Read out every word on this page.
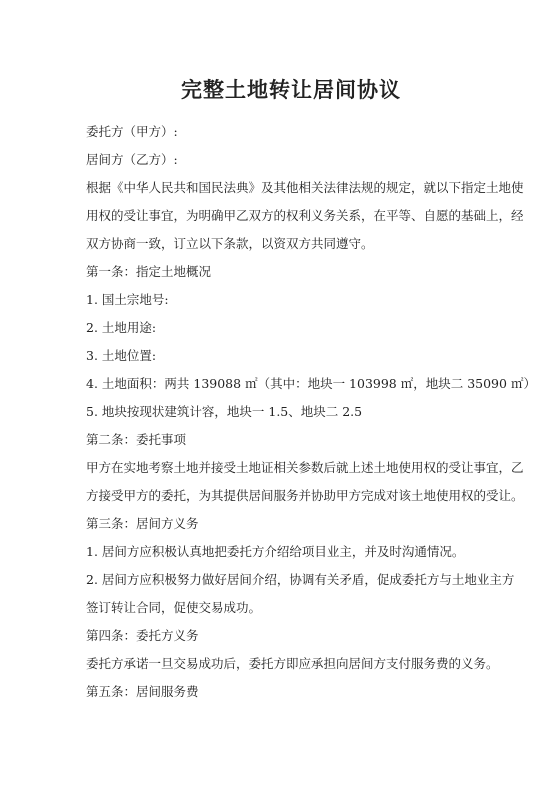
完整土地转让居间协议
委托方（甲方）:
居间方（乙方）:
根据《中华人民共和国民法典》及其他相关法律法规的规定，就以下指定土地使
用权的受让事宜，为明确甲乙双方的权利义务关系，在平等、自愿的基础上，经
双方协商一致，订立以下条款，以资双方共同遵守。
第一条：指定土地概况
1. 国土宗地号:
2. 土地用途:
3. 土地位置:
4. 土地面积：两共 139088 ㎡（其中：地块一 103998 ㎡，地块二 35090 ㎡）
5. 地块按现状建筑计容，地块一 1.5、地块二 2.5
第二条：委托事项
甲方在实地考察土地并接受土地证相关参数后就上述土地使用权的受让事宜，乙
方接受甲方的委托，为其提供居间服务并协助甲方完成对该土地使用权的受让。
第三条：居间方义务
1. 居间方应积极认真地把委托方介绍给项目业主，并及时沟通情况。
2. 居间方应积极努力做好居间介绍，协调有关矛盾，促成委托方与土地业主方
签订转让合同，促使交易成功。
第四条：委托方义务
委托方承诺一旦交易成功后，委托方即应承担向居间方支付服务费的义务。
第五条：居间服务费
